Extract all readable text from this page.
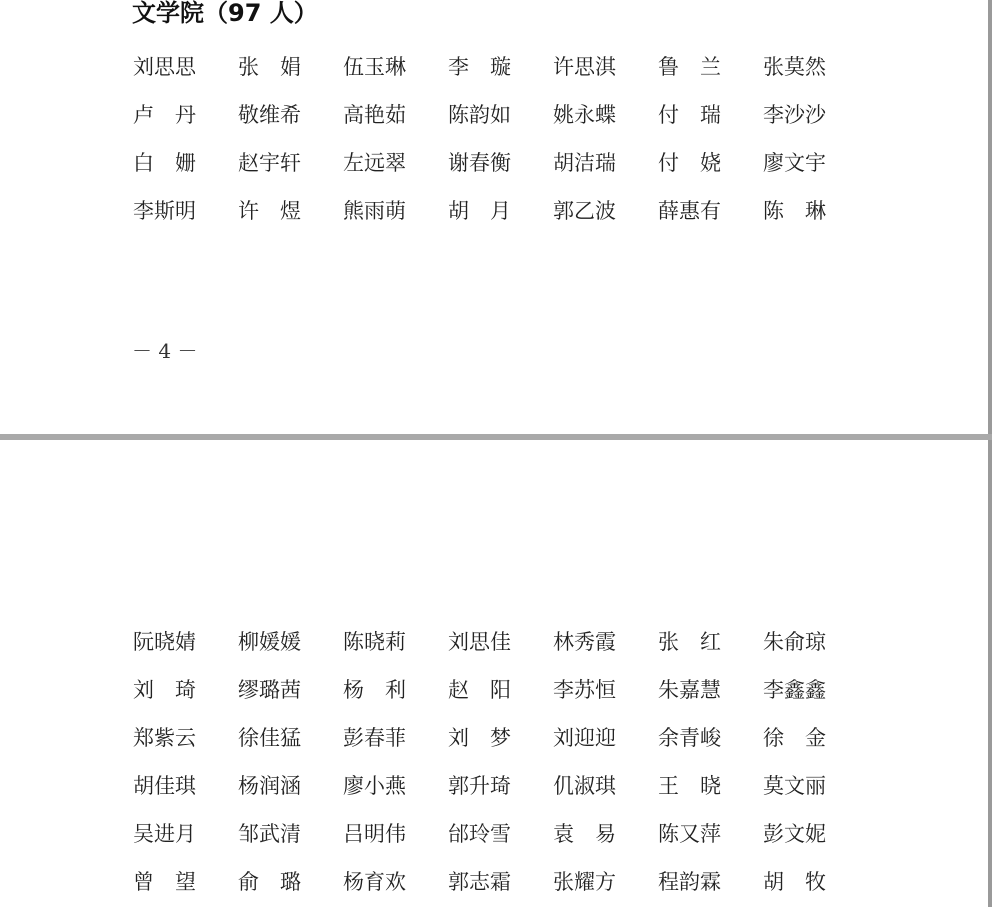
文学院（97 人）
刘思思	张　娟	伍玉琳	李　璇	许思淇	鲁　兰	张莫然
卢　丹	敬维希	高艳茹	陈韵如	姚永蝶	付　瑞	李沙沙
白　姗	赵宇轩	左远翠	谢春衡	胡洁瑞	付　娆	廖文宇
李斯明	许　煜	熊雨萌	胡　月	郭乙波	薛惠有	陈　琳
－ 4 －
阮晓婧	柳媛媛	陈晓莉	刘思佳	林秀霞	张　红	朱俞琼
刘　琦	缪璐茜	杨　利	赵　阳	李苏恒	朱嘉慧	李鑫鑫
郑紫云	徐佳猛	彭春菲	刘　梦	刘迎迎	余青峻	徐　金
胡佳琪	杨润涵	廖小燕	郭升琦	仉淑琪	王　晓	莫文丽
吴进月	邹武清	吕明伟	邰玲雪	袁　易	陈又萍	彭文妮
曾　望	俞　璐	杨育欢	郭志霜	张耀方	程韵霖	胡　牧
